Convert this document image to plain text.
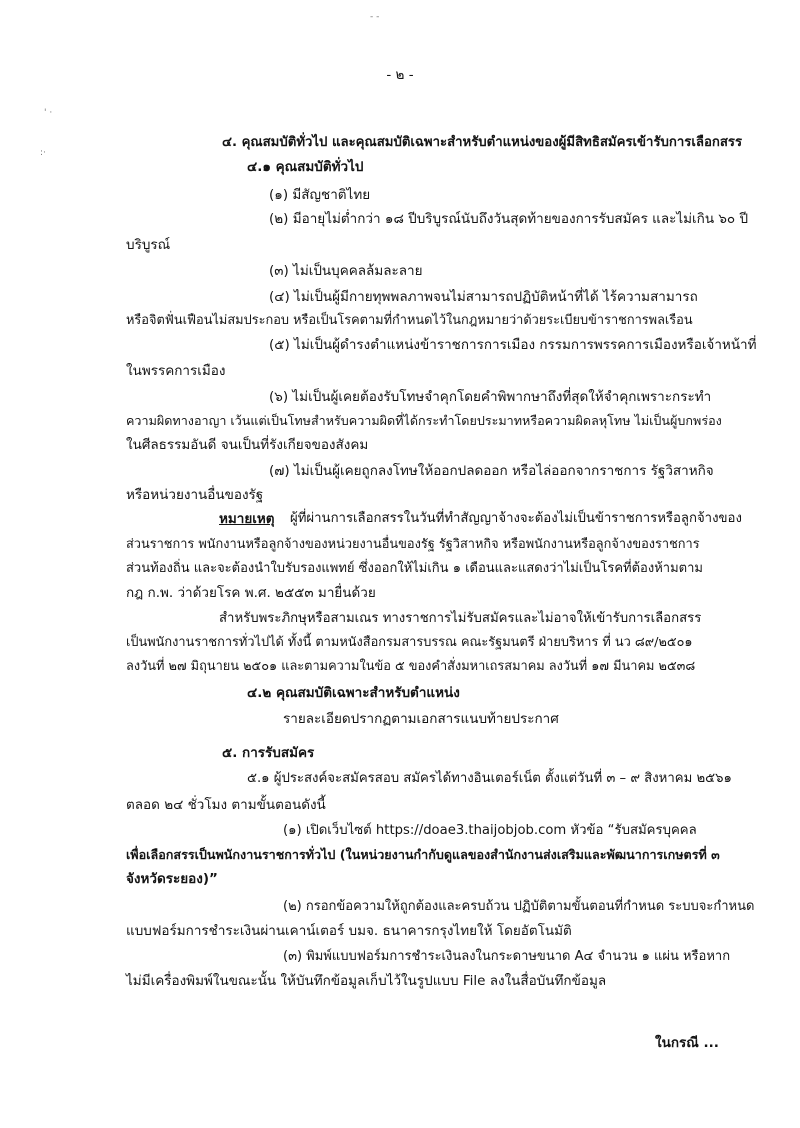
- -
' ·
:·
- ๒ -
๔. คุณสมบัติทั่วไป และคุณสมบัติเฉพาะสำหรับตำแหน่งของผู้มีสิทธิสมัครเข้ารับการเลือกสรร
๔.๑ คุณสมบัติทั่วไป
(๑) มีสัญชาติไทย
(๒) มีอายุไม่ต่ำกว่า ๑๘ ปีบริบูรณ์นับถึงวันสุดท้ายของการรับสมัคร และไม่เกิน ๖๐ ปี
บริบูรณ์
(๓) ไม่เป็นบุคคลล้มละลาย
(๔) ไม่เป็นผู้มีกายทุพพลภาพจนไม่สามารถปฏิบัติหน้าที่ได้ ไร้ความสามารถ
หรือจิตฟั่นเฟือนไม่สมประกอบ หรือเป็นโรคตามที่กำหนดไว้ในกฎหมายว่าด้วยระเบียบข้าราชการพลเรือน
(๕) ไม่เป็นผู้ดำรงตำแหน่งข้าราชการการเมือง กรรมการพรรคการเมืองหรือเจ้าหน้าที่
ในพรรคการเมือง
(๖) ไม่เป็นผู้เคยต้องรับโทษจำคุกโดยคำพิพากษาถึงที่สุดให้จำคุกเพราะกระทำ
ความผิดทางอาญา เว้นแต่เป็นโทษสำหรับความผิดที่ได้กระทำโดยประมาทหรือความผิดลหุโทษ ไม่เป็นผู้บกพร่อง
ในศีลธรรมอันดี จนเป็นที่รังเกียจของสังคม
(๗) ไม่เป็นผู้เคยถูกลงโทษให้ออกปลดออก หรือไล่ออกจากราชการ รัฐวิสาหกิจ
หรือหน่วยงานอื่นของรัฐ
หมายเหตุ ผู้ที่ผ่านการเลือกสรรในวันที่ทำสัญญาจ้างจะต้องไม่เป็นข้าราชการหรือลูกจ้างของ
ส่วนราชการ พนักงานหรือลูกจ้างของหน่วยงานอื่นของรัฐ รัฐวิสาหกิจ หรือพนักงานหรือลูกจ้างของราชการ
ส่วนท้องถิ่น และจะต้องนำใบรับรองแพทย์ ซึ่งออกให้ไม่เกิน ๑ เดือนและแสดงว่าไม่เป็นโรคที่ต้องห้ามตาม
กฎ ก.พ. ว่าด้วยโรค พ.ศ. ๒๕๕๓ มายื่นด้วย
สำหรับพระภิกษุหรือสามเณร ทางราชการไม่รับสมัครและไม่อาจให้เข้ารับการเลือกสรร
เป็นพนักงานราชการทั่วไปได้ ทั้งนี้ ตามหนังสือกรมสารบรรณ คณะรัฐมนตรี ฝ่ายบริหาร ที่ นว ๘๙/๒๕๐๑
ลงวันที่ ๒๗ มิถุนายน ๒๕๐๑ และตามความในข้อ ๕ ของคำสั่งมหาเถรสมาคม ลงวันที่ ๑๗ มีนาคม ๒๕๓๘
๔.๒ คุณสมบัติเฉพาะสำหรับตำแหน่ง
รายละเอียดปรากฏตามเอกสารแนบท้ายประกาศ
๕. การรับสมัคร
๕.๑ ผู้ประสงค์จะสมัครสอบ สมัครได้ทางอินเตอร์เน็ต ตั้งแต่วันที่ ๓ – ๙ สิงหาคม ๒๕๖๑
ตลอด ๒๔ ชั่วโมง ตามขั้นตอนดังนี้
(๑) เปิดเว็บไซต์ https://doae3.thaijobjob.com หัวข้อ “รับสมัครบุคคล
เพื่อเลือกสรรเป็นพนักงานราชการทั่วไป (ในหน่วยงานกำกับดูแลของสำนักงานส่งเสริมและพัฒนาการเกษตรที่ ๓
จังหวัดระยอง)”
(๒) กรอกข้อความให้ถูกต้องและครบถ้วน ปฏิบัติตามขั้นตอนที่กำหนด ระบบจะกำหนด
แบบฟอร์มการชำระเงินผ่านเคาน์เตอร์ บมจ. ธนาคารกรุงไทยให้ โดยอัตโนมัติ
(๓) พิมพ์แบบฟอร์มการชำระเงินลงในกระดาษขนาด A๔ จำนวน ๑ แผ่น หรือหาก
ไม่มีเครื่องพิมพ์ในขณะนั้น ให้บันทึกข้อมูลเก็บไว้ในรูปแบบ File ลงในสื่อบันทึกข้อมูล
ในกรณี ...
